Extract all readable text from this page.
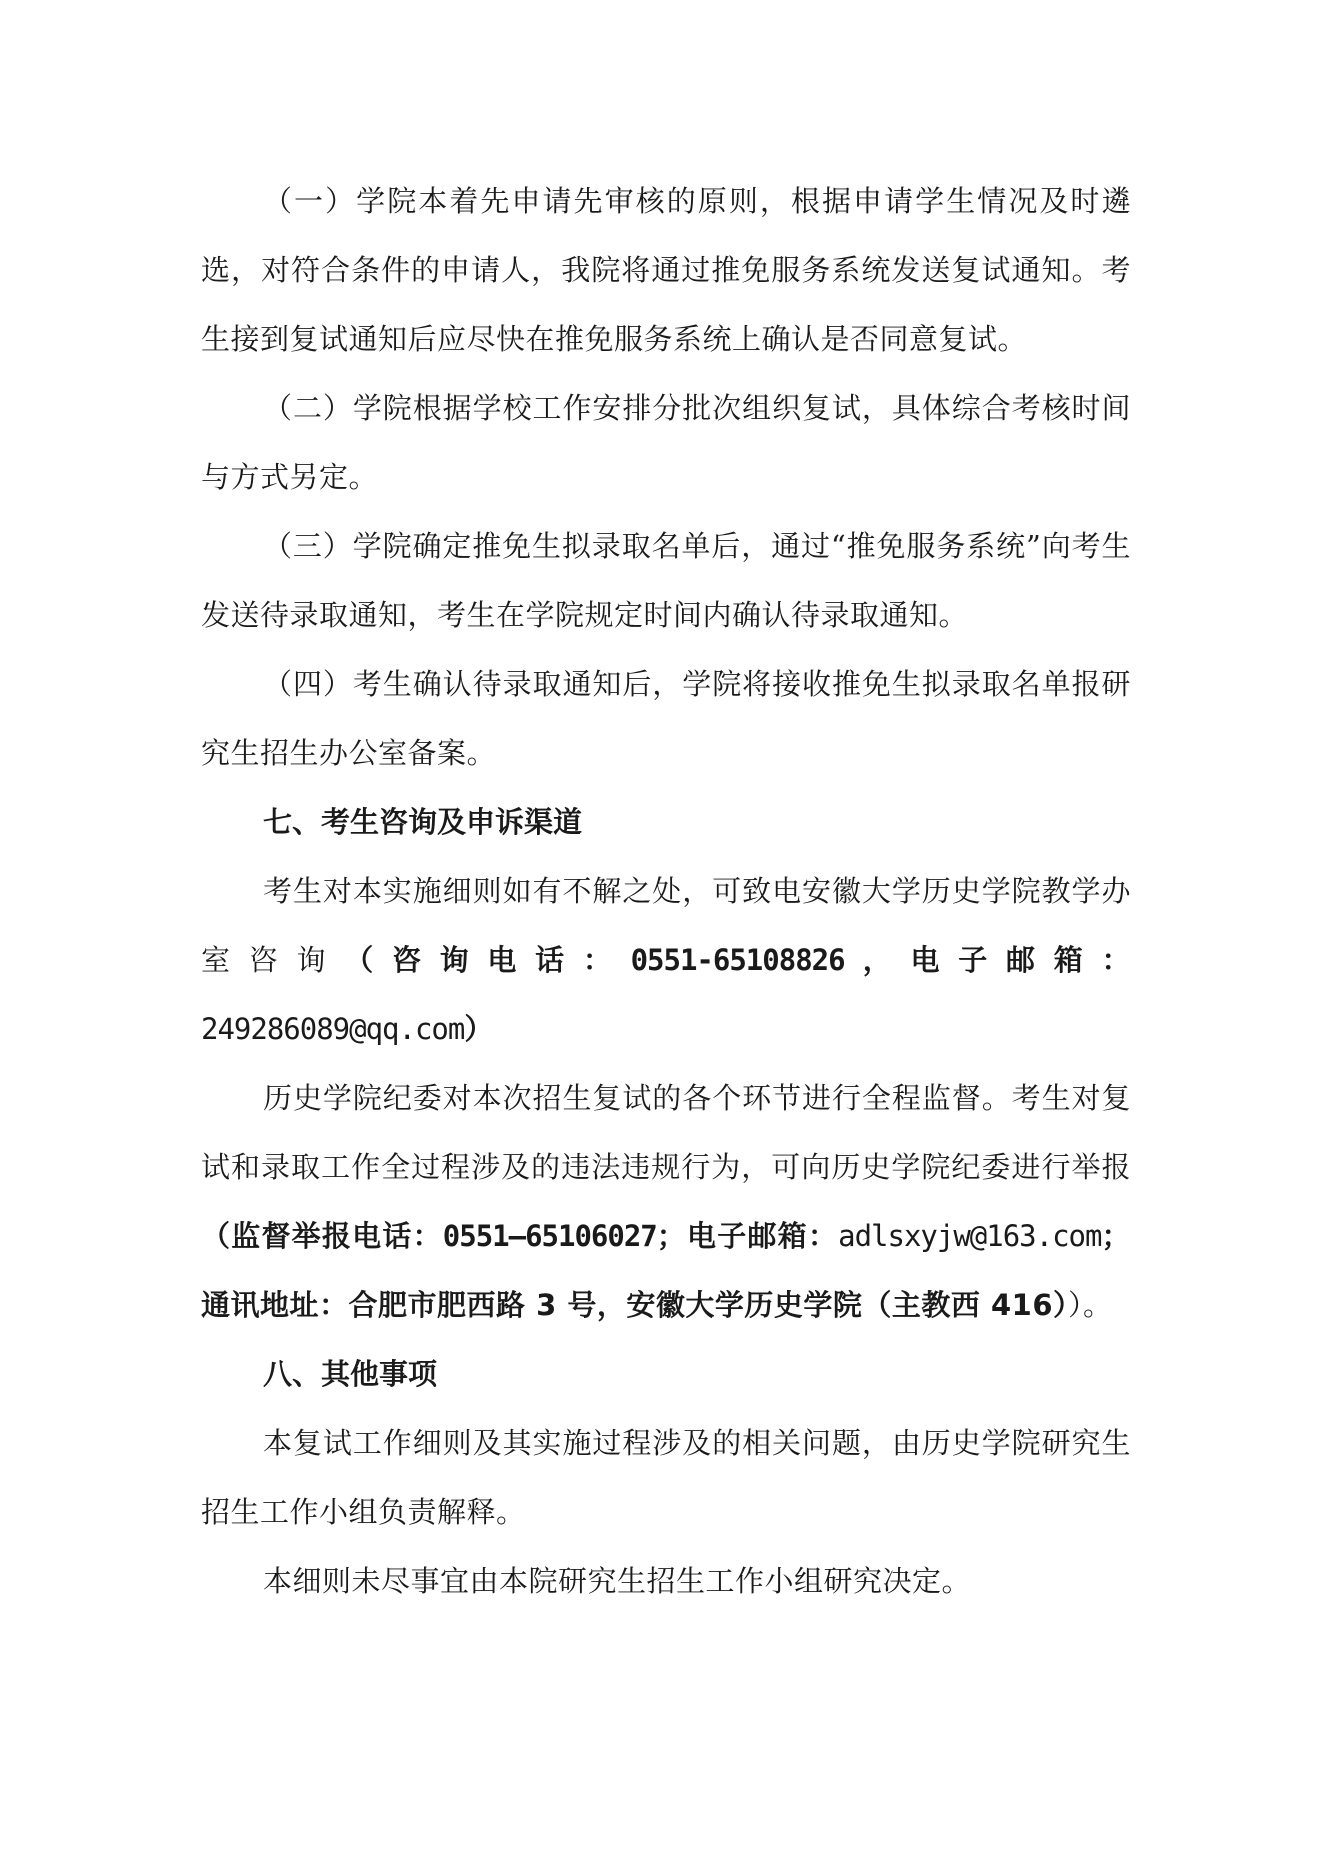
（一）学院本着先申请先审核的原则，根据申请学生情况及时遴选，对符合条件的申请人，我院将通过推免服务系统发送复试通知。考生接到复试通知后应尽快在推免服务系统上确认是否同意复试。

（二）学院根据学校工作安排分批次组织复试，具体综合考核时间与方式另定。

（三）学院确定推免生拟录取名单后，通过“推免服务系统”向考生发送待录取通知，考生在学院规定时间内确认待录取通知。

（四）考生确认待录取通知后，学院将接收推免生拟录取名单报研究生招生办公室备案。

七、考生咨询及申诉渠道

考生对本实施细则如有不解之处，可致电安徽大学历史学院教学办室咨询（咨询电话：0551-65108826，电子邮箱：249286089@qq.com）

历史学院纪委对本次招生复试的各个环节进行全程监督。考生对复试和录取工作全过程涉及的违法违规行为，可向历史学院纪委进行举报（监督举报电话：0551—65106027；电子邮箱：adlsxyjw@163.com；通讯地址：合肥市肥西路 3 号，安徽大学历史学院（主教西 416））。

八、其他事项

本复试工作细则及其实施过程涉及的相关问题，由历史学院研究生招生工作小组负责解释。

本细则未尽事宜由本院研究生招生工作小组研究决定。
